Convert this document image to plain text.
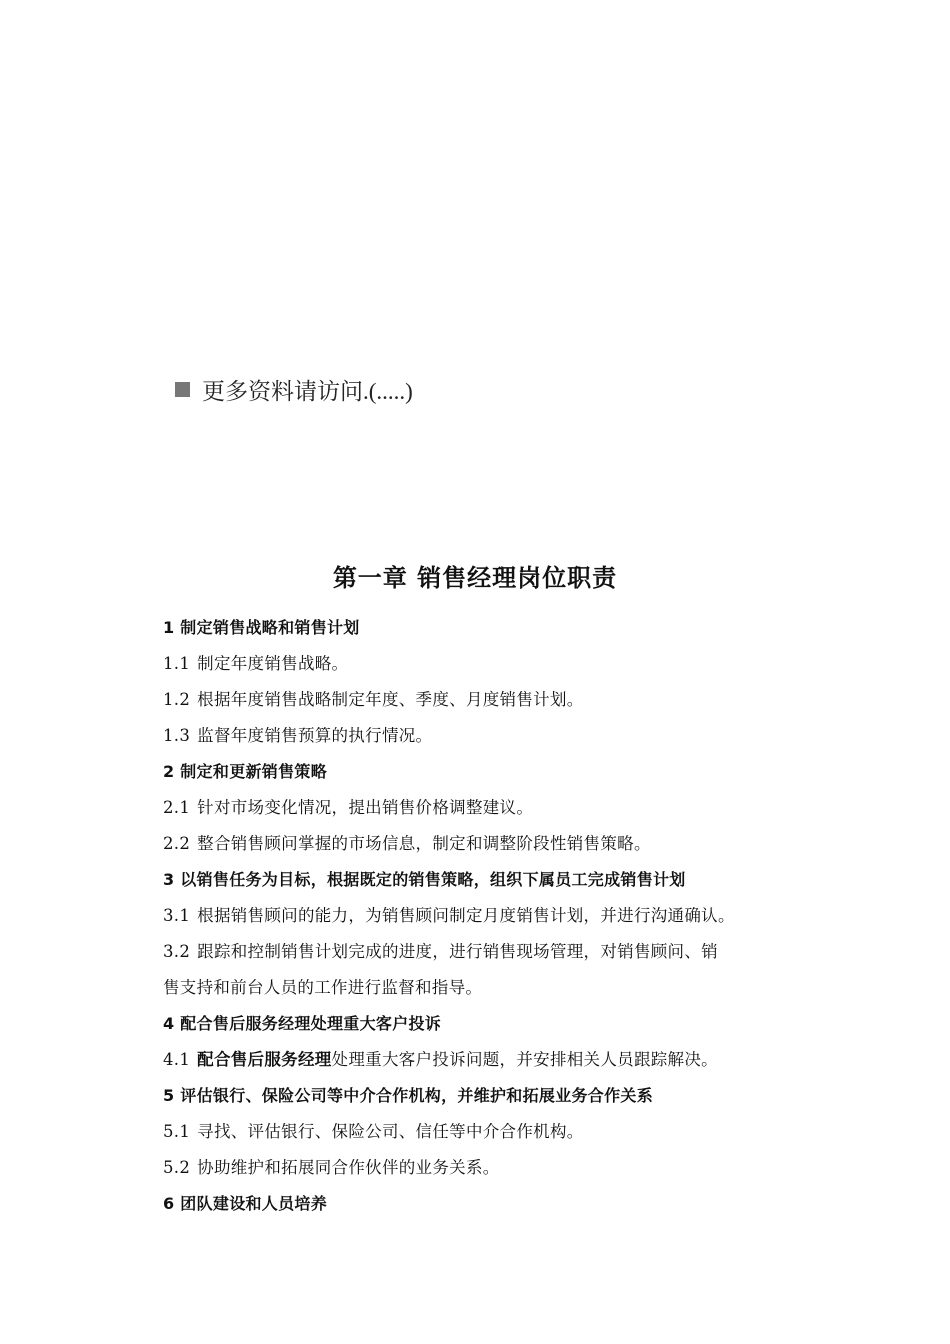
更多资料请访问.(.....)
第一章 销售经理岗位职责
1 制定销售战略和销售计划
1.1 制定年度销售战略。
1.2 根据年度销售战略制定年度、季度、月度销售计划。
1.3 监督年度销售预算的执行情况。
2 制定和更新销售策略
2.1 针对市场变化情况，提出销售价格调整建议。
2.2 整合销售顾问掌握的市场信息，制定和调整阶段性销售策略。
3 以销售任务为目标，根据既定的销售策略，组织下属员工完成销售计划
3.1 根据销售顾问的能力，为销售顾问制定月度销售计划，并进行沟通确认。
3.2 跟踪和控制销售计划完成的进度，进行销售现场管理，对销售顾问、销
售支持和前台人员的工作进行监督和指导。
4 配合售后服务经理处理重大客户投诉
4.1 配合售后服务经理处理重大客户投诉问题，并安排相关人员跟踪解决。
5 评估银行、保险公司等中介合作机构，并维护和拓展业务合作关系
5.1 寻找、评估银行、保险公司、信任等中介合作机构。
5.2 协助维护和拓展同合作伙伴的业务关系。
6 团队建设和人员培养
